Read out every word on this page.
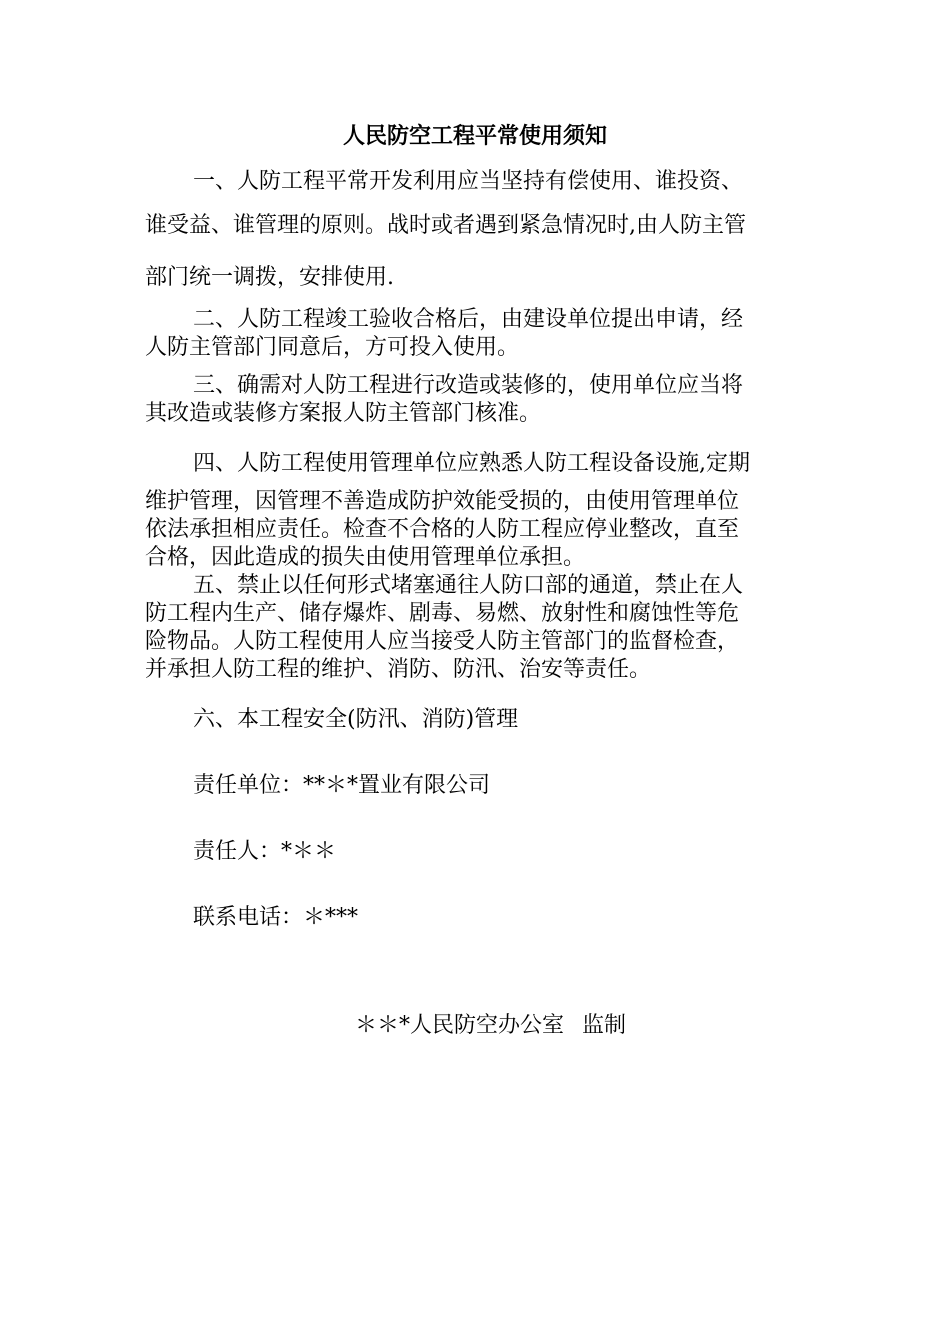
人民防空工程平常使用须知

一、人防工程平常开发利用应当坚持有偿使用、谁投资、
谁受益、谁管理的原则。战时或者遇到紧急情况时,由人防主管
部门统一调拨，安排使用.

二、人防工程竣工验收合格后，由建设单位提出申请，经
人防主管部门同意后，方可投入使用。

三、确需对人防工程进行改造或装修的，使用单位应当将
其改造或装修方案报人防主管部门核准。

四、人防工程使用管理单位应熟悉人防工程设备设施,定期
维护管理，因管理不善造成防护效能受损的，由使用管理单位
依法承担相应责任。检查不合格的人防工程应停业整改，直至
合格，因此造成的损失由使用管理单位承担。

五、禁止以任何形式堵塞通往人防口部的通道，禁止在人
防工程内生产、储存爆炸、剧毒、易燃、放射性和腐蚀性等危
险物品。人防工程使用人应当接受人防主管部门的监督检查，
并承担人防工程的维护、消防、防汛、治安等责任。

六、本工程安全(防汛、消防)管理

责任单位：**＊*置业有限公司

责任人：*＊＊

联系电话：＊***

＊＊*人民防空办公室 监制
